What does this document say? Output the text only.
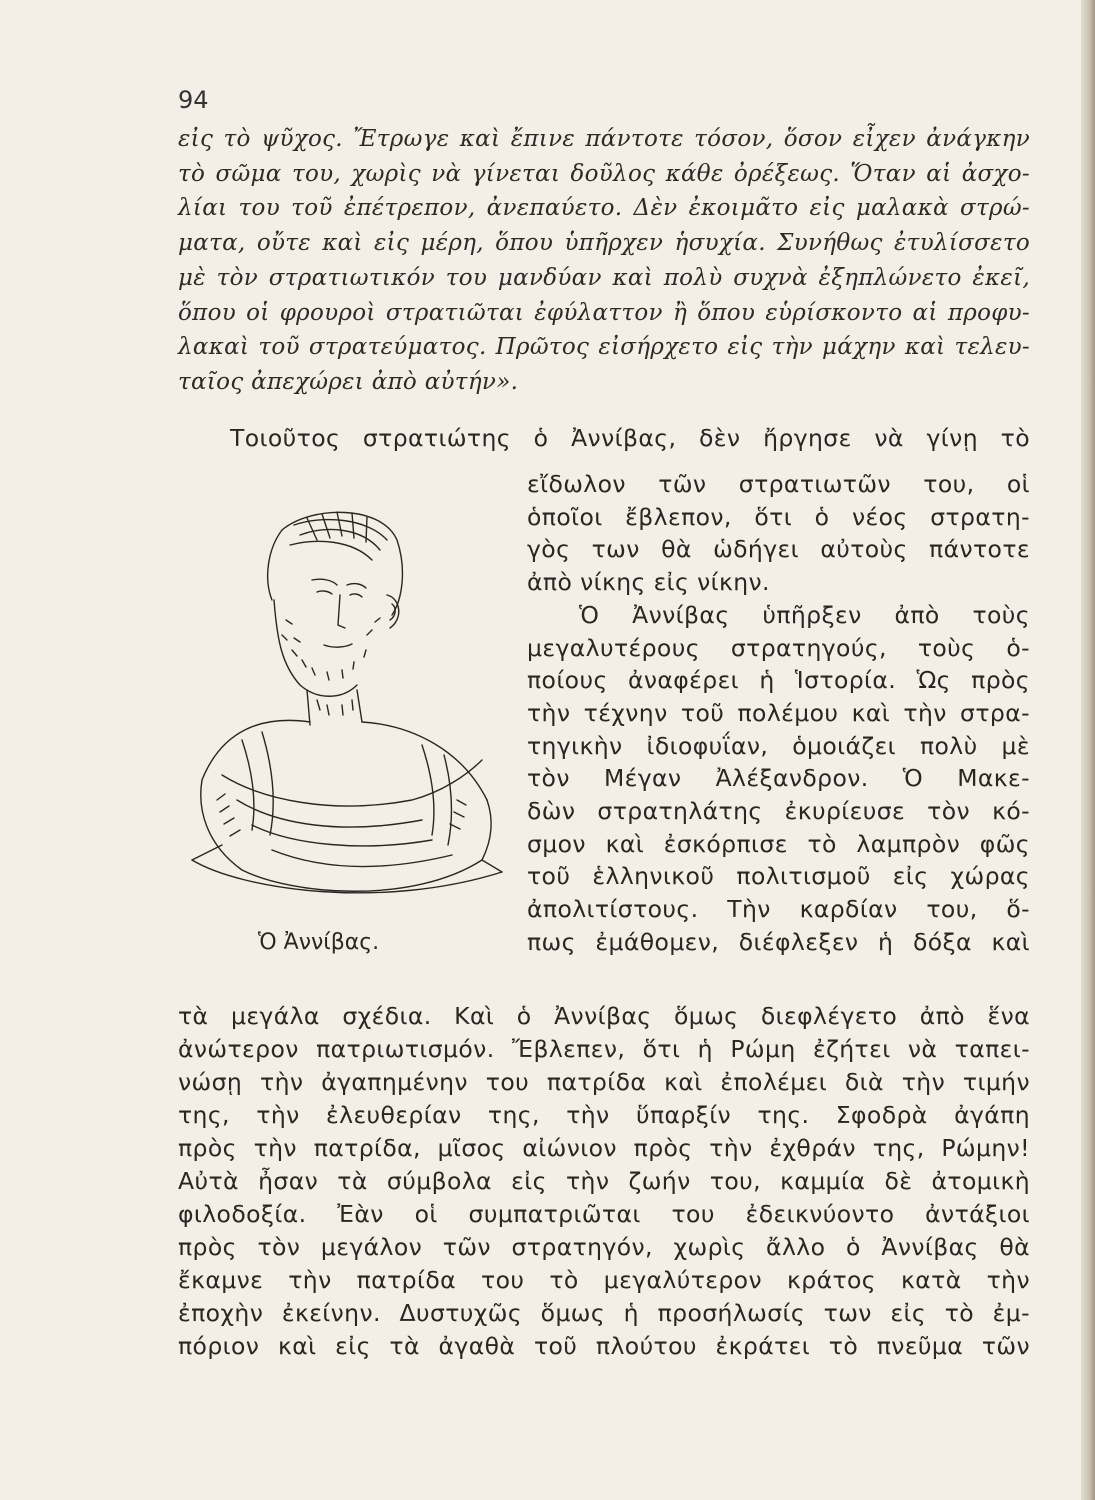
94
εἰς τὸ ψῦχος. Ἔτρωγε καὶ ἔπινε πάντοτε τόσον, ὅσον εἶχεν ἀνάγκην
τὸ σῶμα του, χωρὶς νὰ γίνεται δοῦλος κάθε ὀρέξεως. Ὅταν αἱ ἀσχο-
λίαι του τοῦ ἐπέτρεπον, ἀνεπαύετο. Δὲν ἐκοιμᾶτο εἰς μαλακὰ στρώ-
ματα, οὔτε καὶ εἰς μέρη, ὅπου ὑπῆρχεν ἡσυχία. Συνήθως ἐτυλίσσετο
μὲ τὸν στρατιωτικόν του μανδύαν καὶ πολὺ συχνὰ ἐξηπλώνετο ἐκεῖ,
ὅπου οἱ φρουροὶ στρατιῶται ἐφύλαττον ἢ ὅπου εὑρίσκοντο αἱ προφυ-
λακαὶ τοῦ στρατεύματος. Πρῶτος εἰσήρχετο εἰς τὴν μάχην καὶ τελευ-
ταῖος ἀπεχώρει ἀπὸ αὐτήν».
Τοιοῦτος στρατιώτης ὁ Ἀννίβας, δὲν ἤργησε νὰ γίνῃ τὸ
εἴδωλον τῶν στρατιωτῶν του, οἱ
ὁποῖοι ἔβλεπον, ὅτι ὁ νέος στρατη-
γὸς των θὰ ὡδήγει αὐτοὺς πάντοτε
ἀπὸ νίκης εἰς νίκην.
Ὁ Ἀννίβας ὑπῆρξεν ἀπὸ τοὺς
μεγαλυτέρους στρατηγούς, τοὺς ὁ-
ποίους ἀναφέρει ἡ Ἱστορία. Ὡς πρὸς
τὴν τέχνην τοῦ πολέμου καὶ τὴν στρα-
τηγικὴν ἰδιοφυΐαν, ὁμοιάζει πολὺ μὲ
τὸν Μέγαν Ἀλέξανδρον. Ὁ Μακε-
δὼν στρατηλάτης ἐκυρίευσε τὸν κό-
σμον καὶ ἐσκόρπισε τὸ λαμπρὸν φῶς
τοῦ ἑλληνικοῦ πολιτισμοῦ εἰς χώρας
ἀπολιτίστους. Τὴν καρδίαν του, ὅ-
πως ἐμάθομεν, διέφλεξεν ἡ δόξα καὶ
Ὁ Ἀννίβας.
τὰ μεγάλα σχέδια. Καὶ ὁ Ἀννίβας ὅμως διεφλέγετο ἀπὸ ἕνα
ἀνώτερον πατριωτισμόν. Ἔβλεπεν, ὅτι ἡ Ρώμη ἐζήτει νὰ ταπει-
νώσῃ τὴν ἀγαπημένην του πατρίδα καὶ ἐπολέμει διὰ τὴν τιμήν
της, τὴν ἐλευθερίαν της, τὴν ὕπαρξίν της. Σφοδρὰ ἀγάπη
πρὸς τὴν πατρίδα, μῖσος αἰώνιον πρὸς τὴν ἐχθράν της, Ρώμην!
Αὐτὰ ἦσαν τὰ σύμβολα εἰς τὴν ζωήν του, καμμία δὲ ἀτομικὴ
φιλοδοξία. Ἐὰν οἱ συμπατριῶται του ἐδεικνύοντο ἀντάξιοι
πρὸς τὸν μεγάλον τῶν στρατηγόν, χωρὶς ἄλλο ὁ Ἀννίβας θὰ
ἔκαμνε τὴν πατρίδα του τὸ μεγαλύτερον κράτος κατὰ τὴν
ἐποχὴν ἐκείνην. Δυστυχῶς ὅμως ἡ προσήλωσίς των εἰς τὸ ἐμ-
πόριον καὶ εἰς τὰ ἀγαθὰ τοῦ πλούτου ἐκράτει τὸ πνεῦμα τῶν
